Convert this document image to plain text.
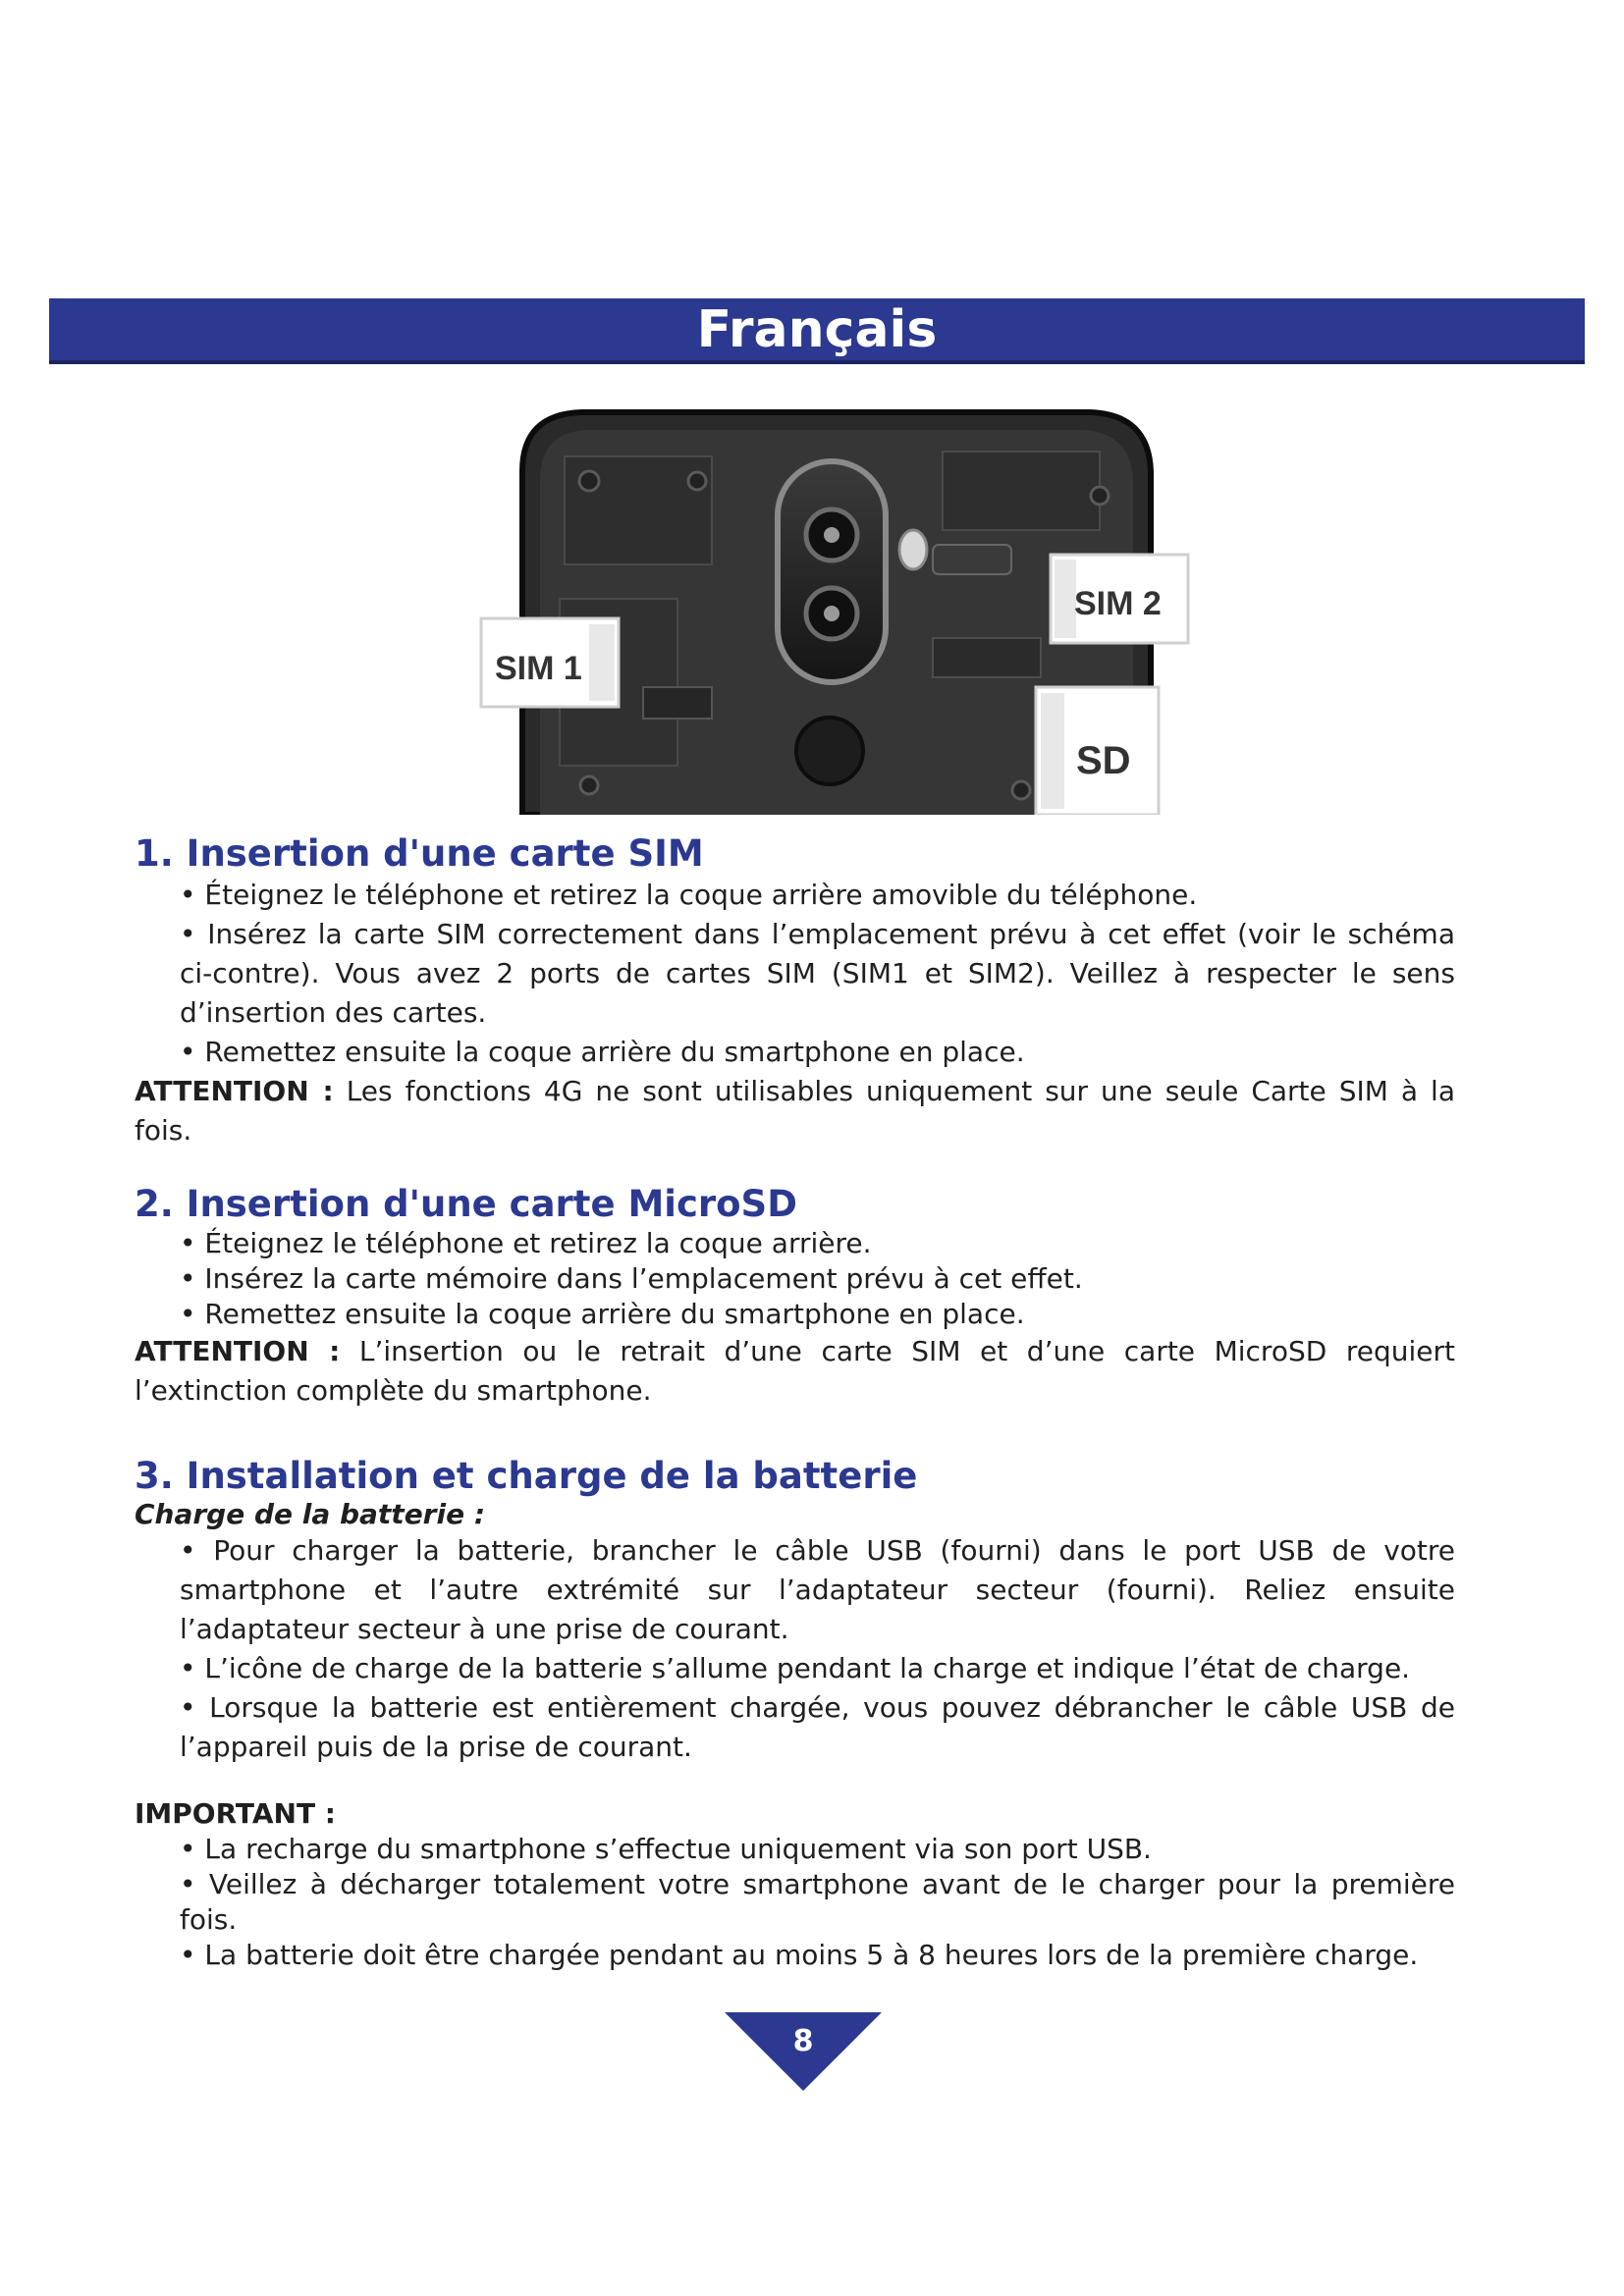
Français
SIM 1
SIM 2
SD
1. Insertion d'une carte SIM
• Éteignez le téléphone et retirez la coque arrière amovible du téléphone.
• Insérez la carte SIM correctement dans l’emplacement prévu à cet effet (voir le schéma ci-contre). Vous avez 2 ports de cartes SIM (SIM1 et SIM2). Veillez à respecter le sens d’insertion des cartes.
• Remettez ensuite la coque arrière du smartphone en place.

ATTENTION : Les fonctions 4G ne sont utilisables uniquement sur une seule Carte SIM à la fois.

2. Insertion d'une carte MicroSD
• Éteignez le téléphone et retirez la coque arrière.
• Insérez la carte mémoire dans l’emplacement prévu à cet effet.
• Remettez ensuite la coque arrière du smartphone en place.

ATTENTION : L’insertion ou le retrait d’une carte SIM et d’une carte MicroSD requiert l’extinction complète du smartphone.

3. Installation et charge de la batterie

Charge de la batterie :

• Pour charger la batterie, brancher le câble USB (fourni) dans le port USB de votre smartphone et l’autre extrémité sur l’adaptateur secteur (fourni). Reliez ensuite l’adaptateur secteur à une prise de courant.
• L’icône de charge de la batterie s’allume pendant la charge et indique l’état de charge.
• Lorsque la batterie est entièrement chargée, vous pouvez débrancher le câble USB de l’appareil puis de la prise de courant.

IMPORTANT :

• La recharge du smartphone s’effectue uniquement via son port USB.
• Veillez à décharger totalement votre smartphone avant de le charger pour la première fois.
• La batterie doit être chargée pendant au moins 5 à 8 heures lors de la première charge.
8
